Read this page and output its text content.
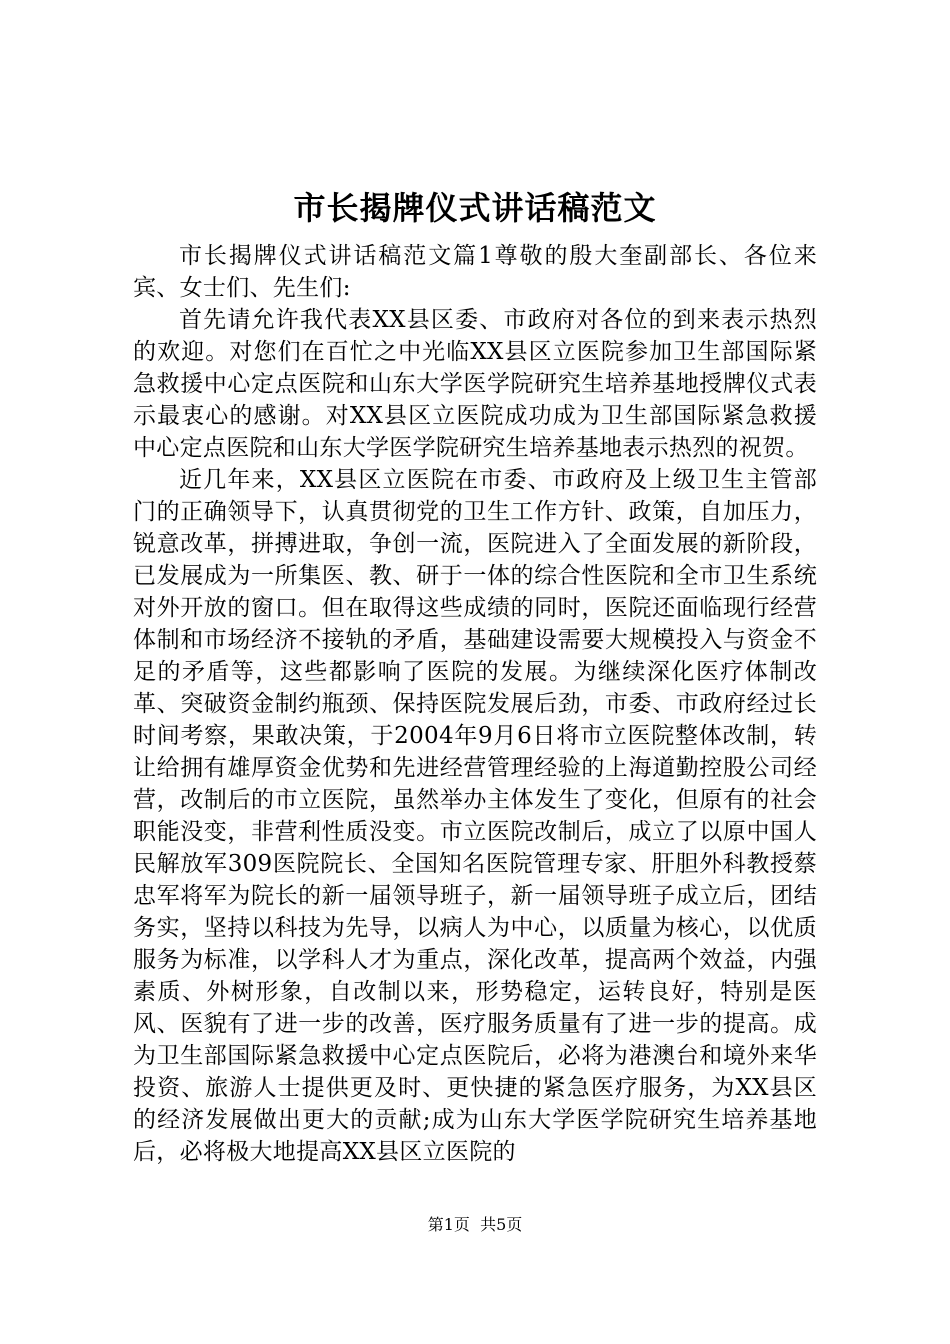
市长揭牌仪式讲话稿范文

市长揭牌仪式讲话稿范文篇1尊敬的殷大奎副部长、各位来宾、女士们、先生们:

首先请允许我代表XX县区委、市政府对各位的到来表示热烈的欢迎。对您们在百忙之中光临XX县区立医院参加卫生部国际紧急救援中心定点医院和山东大学医学院研究生培养基地授牌仪式表示最衷心的感谢。对XX县区立医院成功成为卫生部国际紧急救援中心定点医院和山东大学医学院研究生培养基地表示热烈的祝贺。

近几年来，XX县区立医院在市委、市政府及上级卫生主管部门的正确领导下，认真贯彻党的卫生工作方针、政策，自加压力，锐意改革，拼搏进取，争创一流，医院进入了全面发展的新阶段，已发展成为一所集医、教、研于一体的综合性医院和全市卫生系统对外开放的窗口。但在取得这些成绩的同时，医院还面临现行经营体制和市场经济不接轨的矛盾，基础建设需要大规模投入与资金不足的矛盾等，这些都影响了医院的发展。为继续深化医疗体制改革、突破资金制约瓶颈、保持医院发展后劲，市委、市政府经过长时间考察，果敢决策，于2004年9月6日将市立医院整体改制，转让给拥有雄厚资金优势和先进经营管理经验的上海道勤控股公司经营，改制后的市立医院，虽然举办主体发生了变化，但原有的社会职能没变，非营利性质没变。市立医院改制后，成立了以原中国人民解放军309医院院长、全国知名医院管理专家、肝胆外科教授蔡忠军将军为院长的新一届领导班子，新一届领导班子成立后，团结务实，坚持以科技为先导，以病人为中心，以质量为核心，以优质服务为标准，以学科人才为重点，深化改革，提高两个效益，内强素质、外树形象，自改制以来，形势稳定，运转良好，特别是医风、医貌有了进一步的改善，医疗服务质量有了进一步的提高。成为卫生部国际紧急救援中心定点医院后，必将为港澳台和境外来华投资、旅游人士提供更及时、更快捷的紧急医疗服务，为XX县区的经济发展做出更大的贡献;成为山东大学医学院研究生培养基地后，必将极大地提高XX县区立医院的

第1页 共5页
